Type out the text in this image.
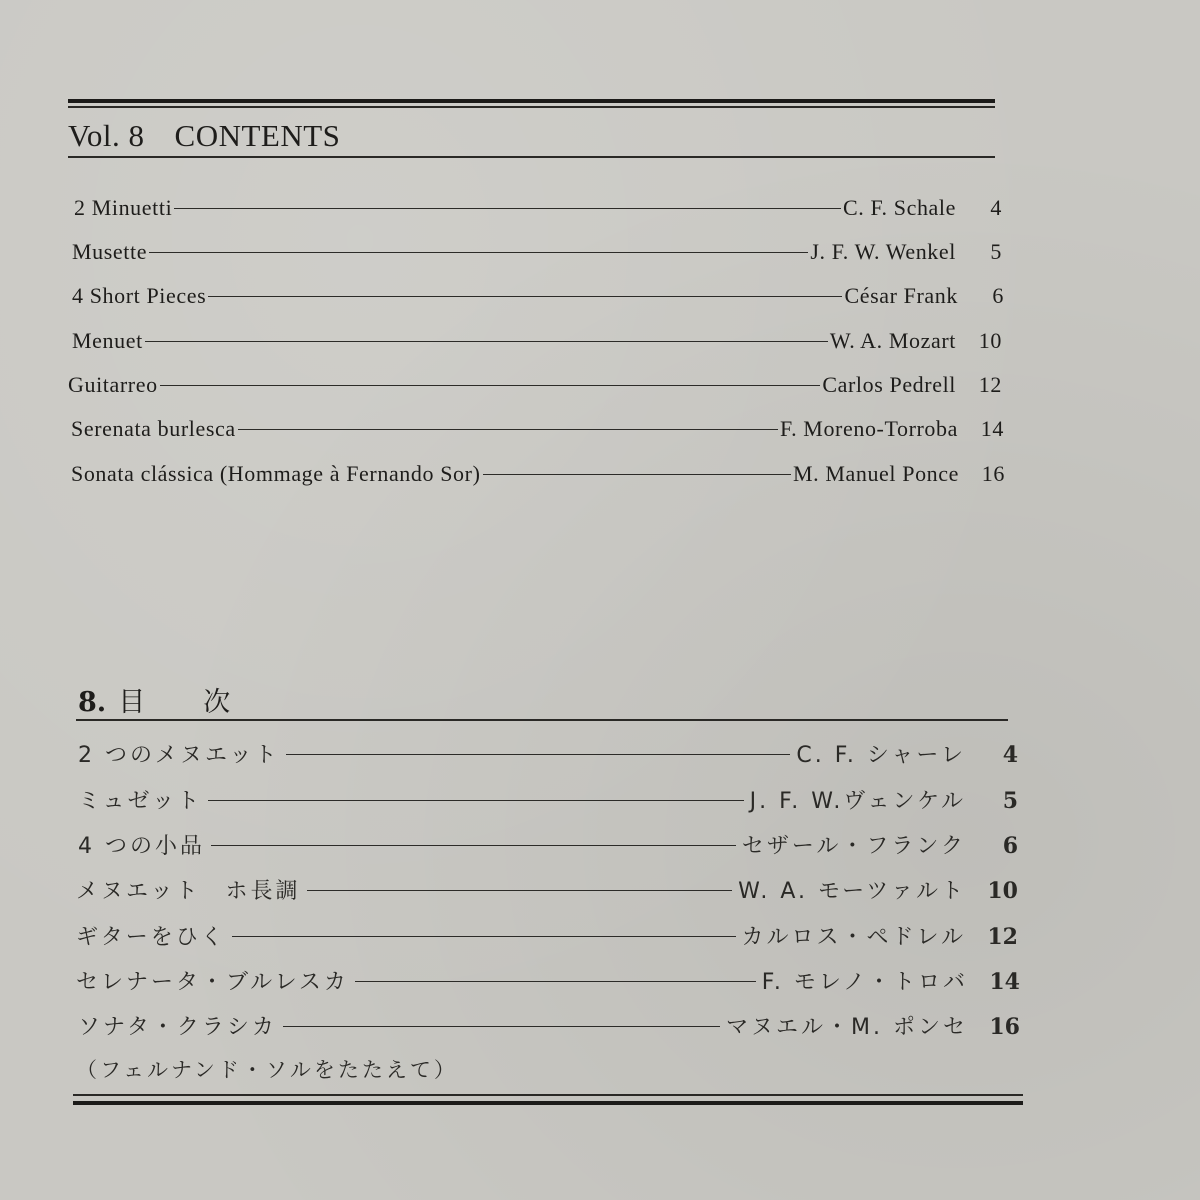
Vol. 8 CONTENTS
2 Minuetti	C. F. Schale	4
Musette	J. F. W. Wenkel	5
4 Short Pieces	César Frank	6
Menuet	W. A. Mozart	10
Guitarreo	Carlos Pedrell	12
Serenata burlesca	F. Moreno-Torroba	14
Sonata clássica (Hommage à Fernando Sor)	M. Manuel Ponce	16
8. 目 次
2 つのメヌエット	C. F. シャーレ	4
ミュゼット	J. F. W.ヴェンケル	5
4 つの小品	セザール・フランク	6
メヌエット　ホ長調	W. A. モーツァルト 10
ギターをひく	カルロス・ペドレル 12
セレナータ・ブルレスカ	F. モレノ・トロバ 14
ソナタ・クラシカ	マヌエル・M. ポンセ 16
（フェルナンド・ソルをたたえて）
